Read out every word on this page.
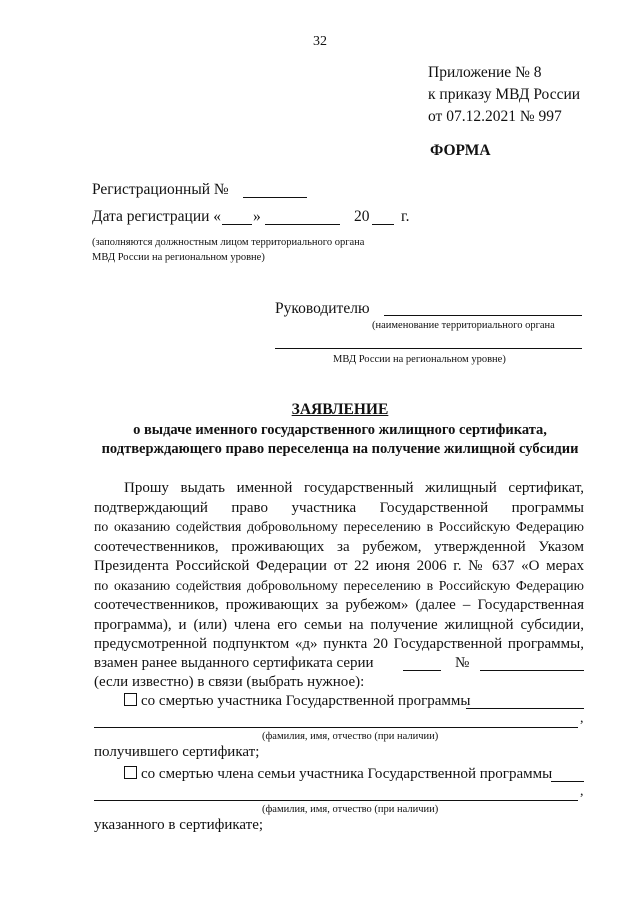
32
Приложение № 8
к приказу МВД России
от 07.12.2021 № 997
ФОРМА
Регистрационный №
Дата регистрации « »	20 г.
(заполняются должностным лицом территориального органа
МВД России на региональном уровне)
Руководителю
(наименование территориального органа
МВД России на региональном уровне)
ЗАЯВЛЕНИЕ
о выдаче именного государственного жилищного сертификата,
подтверждающего право переселенца на получение жилищной субсидии
Прошу выдать именной государственный жилищный сертификат,
подтверждающий право участника Государственной программы
по оказанию содействия добровольному переселению в Российскую Федерацию
соотечественников, проживающих за рубежом, утвержденной Указом
Президента Российской Федерации от 22 июня 2006 г. № 637 «О мерах
по оказанию содействия добровольному переселению в Российскую Федерацию
соотечественников, проживающих за рубежом» (далее – Государственная
программа), и (или) члена его семьи на получение жилищной субсидии,
предусмотренной подпунктом «д» пункта 20 Государственной программы,
взамен ранее выданного сертификата серии	№
(если известно) в связи (выбрать нужное):
со смертью участника Государственной программы
,
(фамилия, имя, отчество (при наличии)
получившего сертификат;
со смертью члена семьи участника Государственной программы
,
(фамилия, имя, отчество (при наличии)
указанного в сертификате;
